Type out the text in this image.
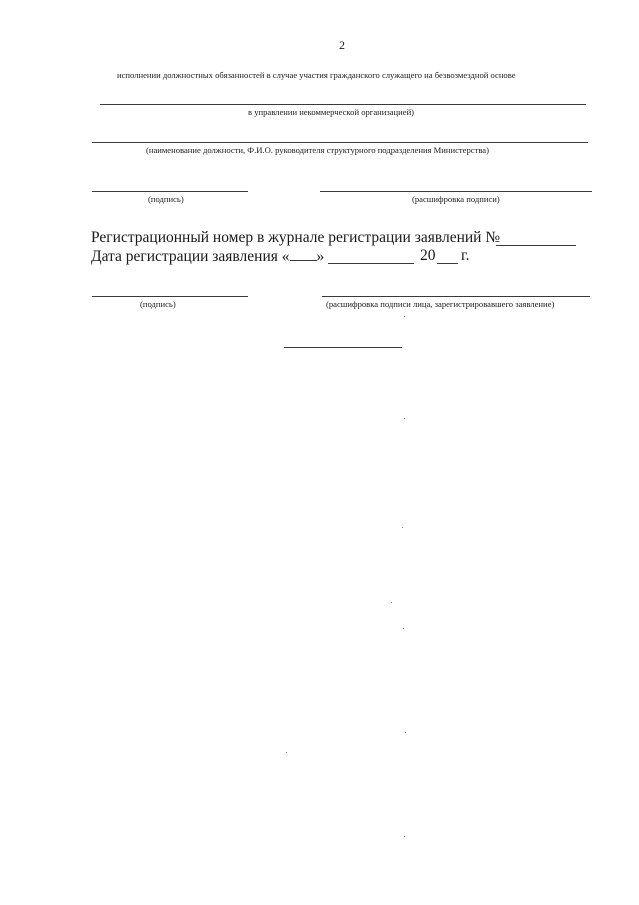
2
исполнении должностных обязанностей в случае участия гражданского служащего на безвозмездной основе
в управлении некоммерческой организацией)
(наименование должности, Ф.И.О. руководителя структурного подразделения Министерства)
(подпись)	(расшифровка подписи)
Регистрационный номер в журнале регистрации заявлений №
Дата регистрации заявления « »	20 г.
(подпись)	(расшифровка подписи лица, зарегистрировавшего заявление)
